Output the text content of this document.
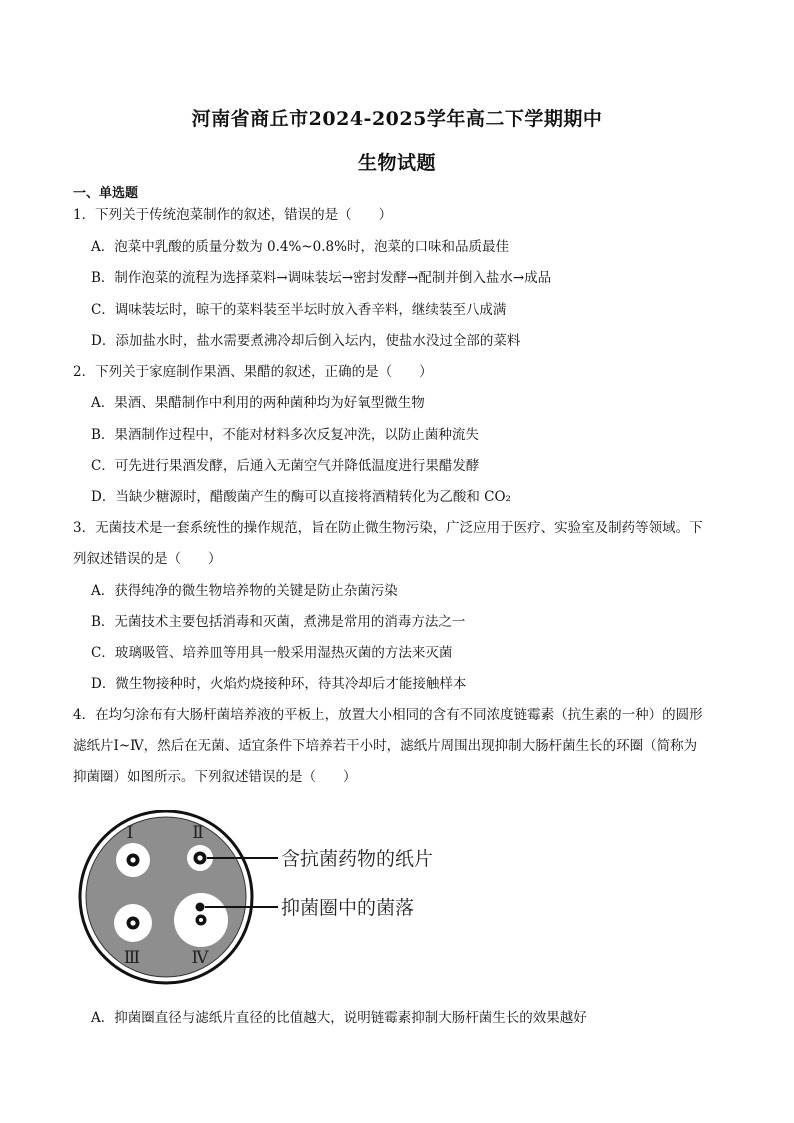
河南省商丘市2024-2025学年高二下学期期中
生物试题
一、单选题
1．下列关于传统泡菜制作的叙述，错误的是（　　）
A．泡菜中乳酸的质量分数为 0.4%~0.8%时，泡菜的口味和品质最佳
B．制作泡菜的流程为选择菜料→调味装坛→密封发酵→配制并倒入盐水→成品
C．调味装坛时，晾干的菜料装至半坛时放入香辛料，继续装至八成满
D．添加盐水时，盐水需要煮沸冷却后倒入坛内，使盐水没过全部的菜料
2．下列关于家庭制作果酒、果醋的叙述，正确的是（　　）
A．果酒、果醋制作中利用的两种菌种均为好氧型微生物
B．果酒制作过程中，不能对材料多次反复冲洗，以防止菌种流失
C．可先进行果酒发酵，后通入无菌空气并降低温度进行果醋发酵
D．当缺少糖源时，醋酸菌产生的酶可以直接将酒精转化为乙酸和 CO₂
3．无菌技术是一套系统性的操作规范，旨在防止微生物污染，广泛应用于医疗、实验室及制药等领域。下
列叙述错误的是（　　）
A．获得纯净的微生物培养物的关键是防止杂菌污染
B．无菌技术主要包括消毒和灭菌，煮沸是常用的消毒方法之一
C．玻璃吸管、培养皿等用具一般采用湿热灭菌的方法来灭菌
D．微生物接种时，火焰灼烧接种环，待其冷却后才能接触样本
4．在均匀涂布有大肠杆菌培养液的平板上，放置大小相同的含有不同浓度链霉素（抗生素的一种）的圆形
滤纸片Ⅰ~Ⅳ，然后在无菌、适宜条件下培养若干小时，滤纸片周围出现抑制大肠杆菌生长的环圈（简称为
抑菌圈）如图所示。下列叙述错误的是（　　）
Ⅰ	Ⅱ
Ⅲ	Ⅳ
含抗菌药物的纸片
抑菌圈中的菌落
A．抑菌圈直径与滤纸片直径的比值越大，说明链霉素抑制大肠杆菌生长的效果越好
